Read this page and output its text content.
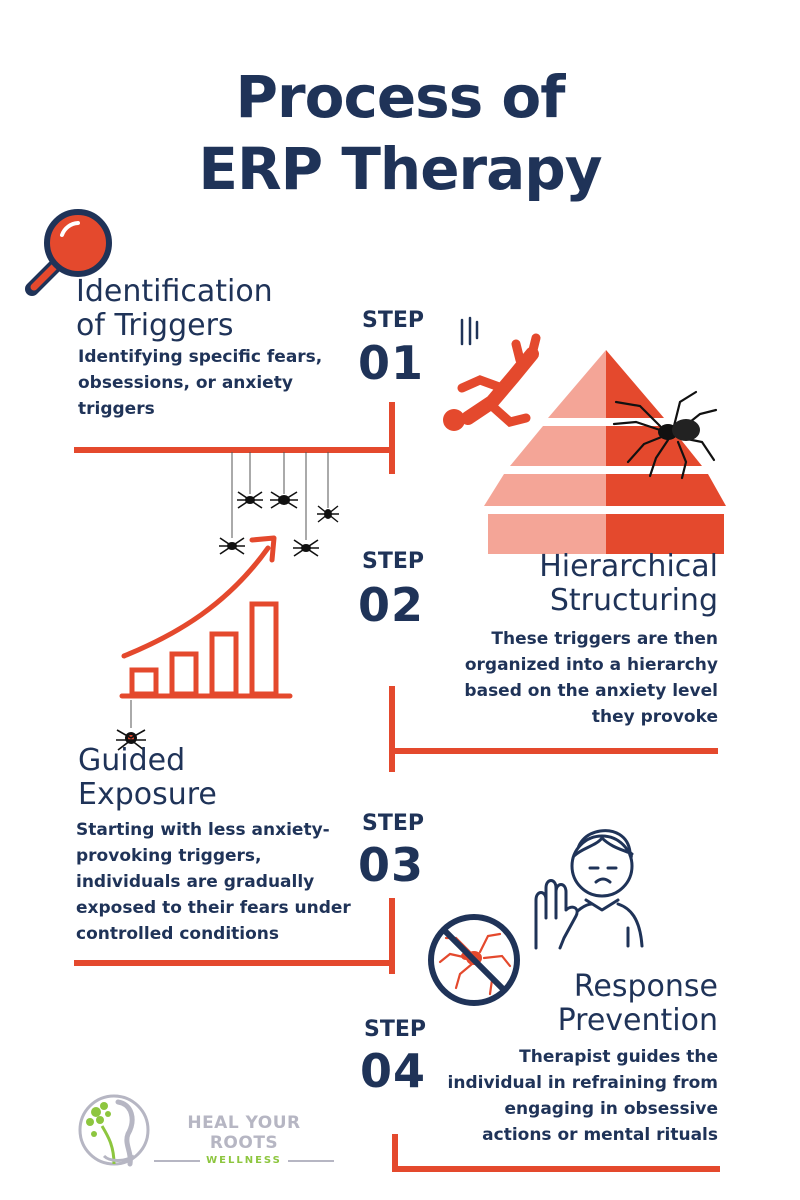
Process of
ERP Therapy
Identification
of Triggers
Identifying specific fears,
obsessions, or anxiety
triggers
STEP
01
STEP
02
Hierarchical
Structuring
These triggers are then
organized into a hierarchy
based on the anxiety level
they provoke
Guided
Exposure
Starting with less anxiety-
provoking triggers,
individuals are gradually
exposed to their fears under
controlled conditions
STEP
03
Response
Prevention
Therapist guides the
individual in refraining from
engaging in obsessive
actions or mental rituals
STEP
04
HEAL YOUR ROOTS
WELLNESS
